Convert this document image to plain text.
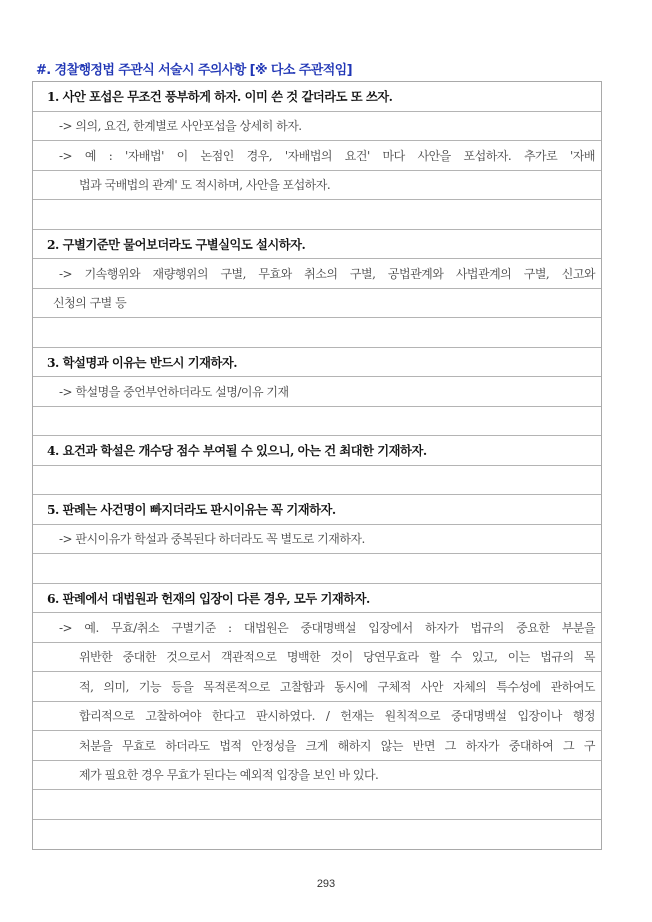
#. 경찰행정법 주관식 서술시 주의사항 [※ 다소 주관적임]
1. 사안 포섭은 무조건 풍부하게 하자. 이미 쓴 것 같더라도 또 쓰자.
-> 의의, 요건, 한계별로 사안포섭을 상세히 하자.
-> 예 : '자배법' 이 논점인 경우, '자배법의 요건' 마다 사안을 포섭하자. 추가로 '자배
법과 국배법의 관계' 도 적시하며, 사안을 포섭하자.
2. 구별기준만 물어보더라도 구별실익도 설시하자.
-> 기속행위와 재량행위의 구별, 무효와 취소의 구별, 공법관계와 사법관계의 구별, 신고와
신청의 구별 등
3. 학설명과 이유는 반드시 기재하자.
-> 학설명을 중언부언하더라도 설명/이유 기재
4. 요건과 학설은 개수당 점수 부여될 수 있으니, 아는 건 최대한 기재하자.
5. 판례는 사건명이 빠지더라도 판시이유는 꼭 기재하자.
-> 판시이유가 학설과 중복된다 하더라도 꼭 별도로 기재하자.
6. 판례에서 대법원과 헌재의 입장이 다른 경우, 모두 기재하자.
-> 예. 무효/취소 구별기준 : 대법원은 중대명백설 입장에서 하자가 법규의 중요한 부분을
위반한 중대한 것으로서 객관적으로 명백한 것이 당연무효라 할 수 있고, 이는 법규의 목
적, 의미, 기능 등을 목적론적으로 고찰함과 동시에 구체적 사안 자체의 특수성에 관하여도
합리적으로 고찰하여야 한다고 판시하였다. / 헌재는 원칙적으로 중대명백설 입장이나 행정
처분을 무효로 하더라도 법적 안정성을 크게 해하지 않는 반면 그 하자가 중대하여 그 구
제가 필요한 경우 무효가 된다는 예외적 입장을 보인 바 있다.
293
